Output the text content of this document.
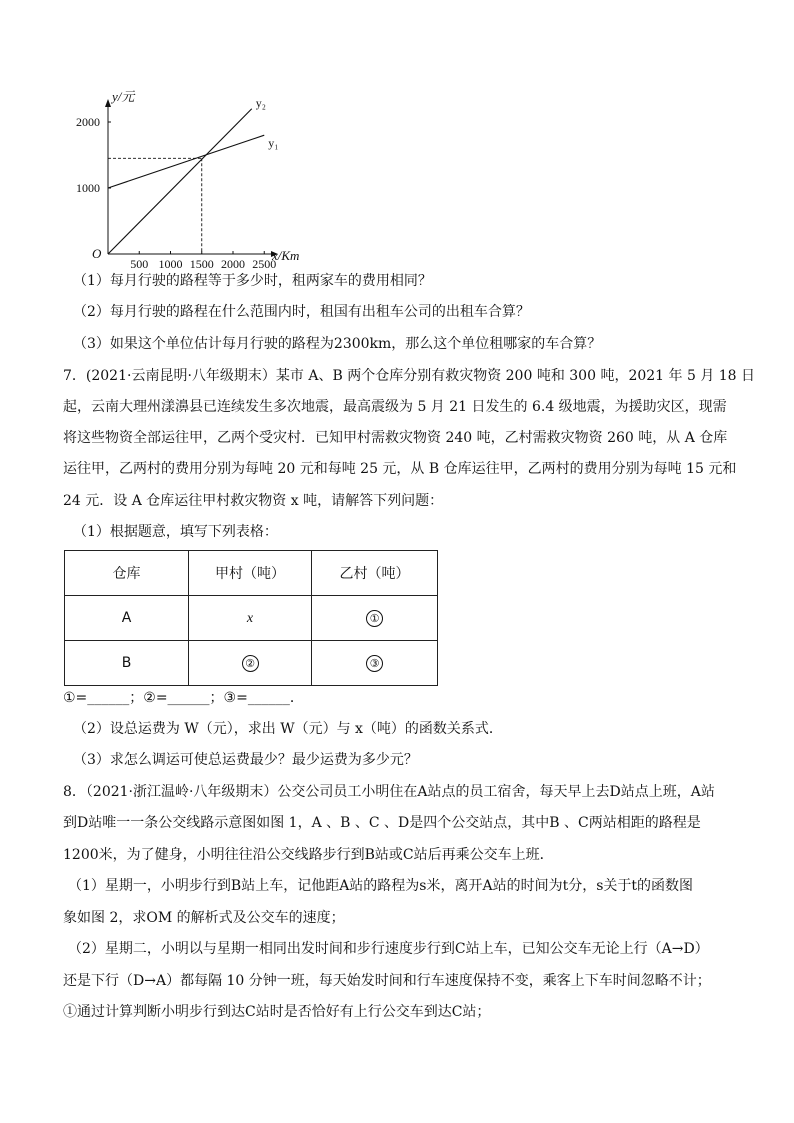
500 1000 1500 2000 2500
1000
2000
y₁
y₂
y/元
x/Km
O
（1）每月行驶的路程等于多少时，租两家车的费用相同？
（2）每月行驶的路程在什么范围内时，租国有出租车公司的出租车合算？
（3）如果这个单位估计每月行驶的路程为2300km，那么这个单位租哪家的车合算？
7．(2021·云南昆明·八年级期末）某市 A、B 两个仓库分别有救灾物资 200 吨和 300 吨，2021 年 5 月 18 日
起，云南大理州漾濞县已连续发生多次地震，最高震级为 5 月 21 日发生的 6.4 级地震，为援助灾区，现需
将这些物资全部运往甲，乙两个受灾村．已知甲村需救灾物资 240 吨，乙村需救灾物资 260 吨，从 A 仓库
运往甲，乙两村的费用分别为每吨 20 元和每吨 25 元，从 B 仓库运往甲，乙两村的费用分别为每吨 15 元和
24 元．设 A 仓库运往甲村救灾物资 x 吨，请解答下列问题：
（1）根据题意，填写下列表格：
仓库	甲村（吨）	乙村（吨）
A	x	①
B	②	③
①=______；②=______；③=______．
（2）设总运费为 W（元），求出 W（元）与 x（吨）的函数关系式．
（3）求怎么调运可使总运费最少？最少运费为多少元？
8．（2021·浙江温岭·八年级期末）公交公司员工小明住在A站点的员工宿舍，每天早上去D站点上班，A站
到D站唯一一条公交线路示意图如图 1，A 、B 、C 、D是四个公交站点，其中B 、C两站相距的路程是
1200米，为了健身，小明往往沿公交线路步行到B站或C站后再乘公交车上班．
（1）星期一，小明步行到B站上车，记他距A站的路程为s米，离开A站的时间为t分，s关于t的函数图
象如图 2，求OM 的解析式及公交车的速度；
（2）星期二，小明以与星期一相同出发时间和步行速度步行到C站上车，已知公交车无论上行（A→D）
还是下行（D→A）都每隔 10 分钟一班，每天始发时间和行车速度保持不变，乘客上下车时间忽略不计；
①通过计算判断小明步行到达C站时是否恰好有上行公交车到达C站；
